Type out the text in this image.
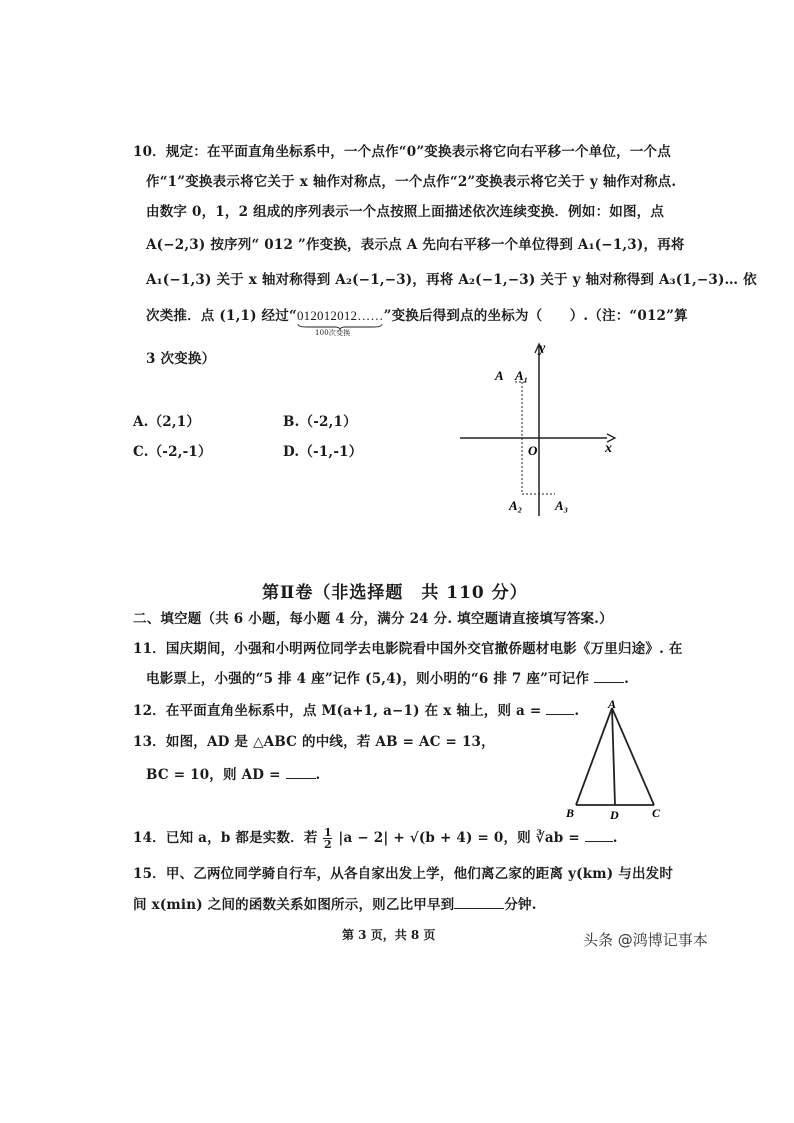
10．规定：在平面直角坐标系中，一个点作“0”变换表示将它向右平移一个单位，一个点
作“1”变换表示将它关于 x 轴作对称点，一个点作“2”变换表示将它关于 y 轴作对称点.
由数字 0，1，2 组成的序列表示一个点按照上面描述依次连续变换．例如：如图，点
A(−2,3) 按序列“ 012 ”作变换，表示点 A 先向右平移一个单位得到 A₁(−1,3)，再将
A₁(−1,3) 关于 x 轴对称得到 A₂(−1,−3)，再将 A₂(−1,−3) 关于 y 轴对称得到 A₃(1,−3)… 依
次类推．点 (1,1) 经过“012012012……
100次变换
”变换后得到点的坐标为（　　）.（注：“012”算
3 次变换）
A.（2,1）	B.（-2,1）
C.（-2,-1）	D.（-1,-1）
y
x
O
A A₁
A₂	A₃
第Ⅱ卷（非选择题　共 110 分）
二、填空题（共 6 小题，每小题 4 分，满分 24 分. 填空题请直接填写答案.）
11．国庆期间，小强和小明两位同学去电影院看中国外交官撤侨题材电影《万里归途》. 在
电影票上，小强的“5 排 4 座”记作 (5,4)，则小明的“6 排 7 座”可记作	.
12．在平面直角坐标系中，点 M(a+1, a−1) 在 x 轴上，则 a = .
13．如图，AD 是 △ABC 的中线，若 AB = AC = 13，
BC = 10，则 AD =	.
A
B	D	C
14．已知 a，b 都是实数．若 $\frac{1}{2} |a - 2| + √(b + 4) = 0$，则 ∛ab = .
15．甲、乙两位同学骑自行车，从各自家出发上学，他们离乙家的距离 y(km) 与出发时
间 x(min) 之间的函数关系如图所示，则乙比甲早到	分钟.
第 3 页，共 8 页	头条 @鸿博记事本
